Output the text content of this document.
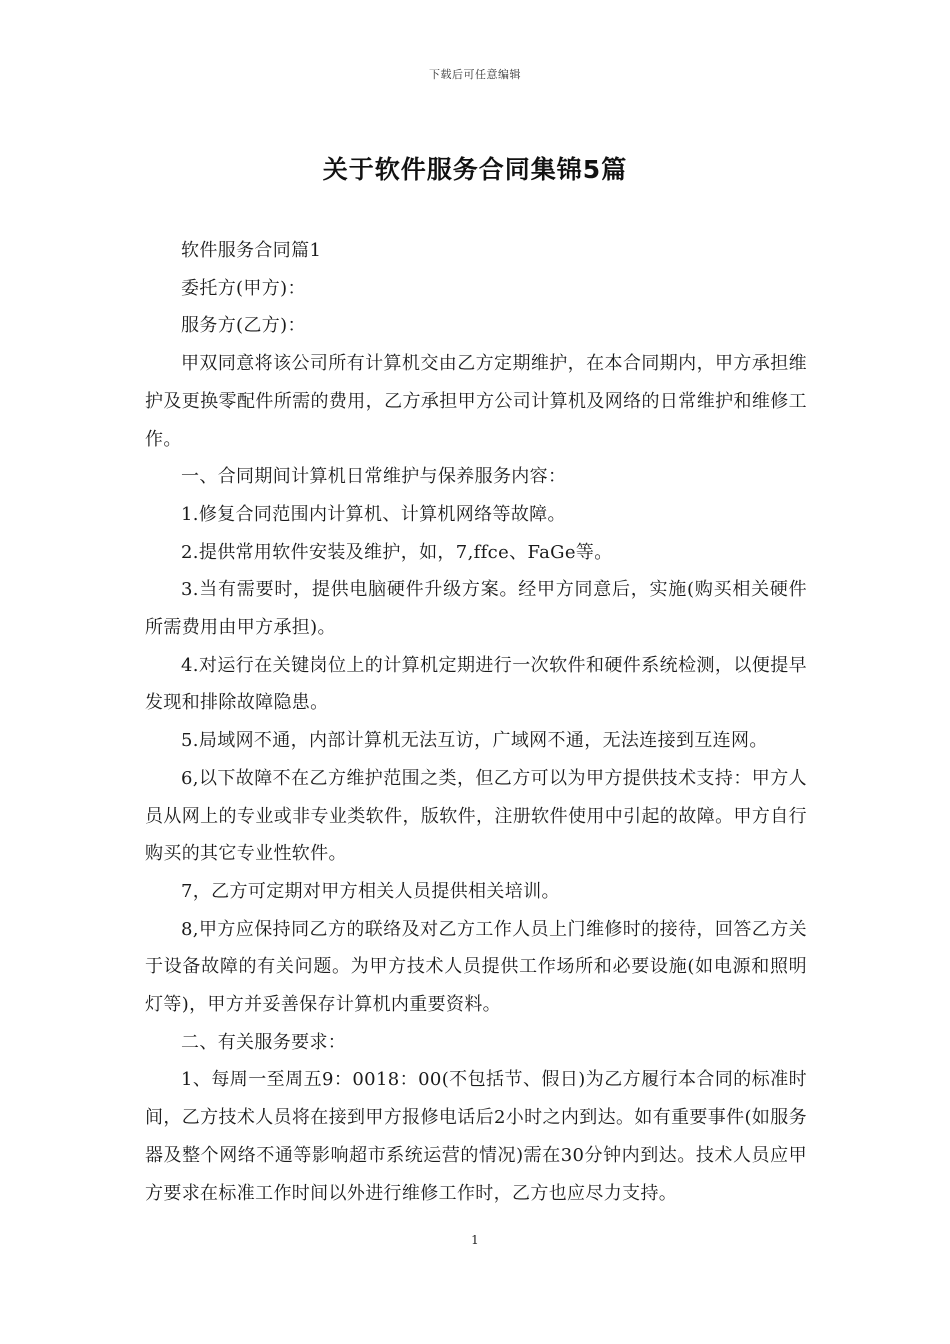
下载后可任意编辑
关于软件服务合同集锦5篇

软件服务合同篇1

委托方(甲方)：

服务方(乙方)：

甲双同意将该公司所有计算机交由乙方定期维护，在本合同期内，甲方承担维护及更换零配件所需的费用，乙方承担甲方公司计算机及网络的日常维护和维修工作。

一、合同期间计算机日常维护与保养服务内容：

1.修复合同范围内计算机、计算机网络等故障。

2.提供常用软件安装及维护，如，7,ffce、FaGe等。

3.当有需要时，提供电脑硬件升级方案。经甲方同意后，实施(购买相关硬件所需费用由甲方承担)。

4.对运行在关键岗位上的计算机定期进行一次软件和硬件系统检测，以便提早发现和排除故障隐患。

5.局域网不通，内部计算机无法互访，广域网不通，无法连接到互连网。

6,以下故障不在乙方维护范围之类，但乙方可以为甲方提供技术支持：甲方人员从网上的专业或非专业类软件，版软件，注册软件使用中引起的故障。甲方自行购买的其它专业性软件。

7，乙方可定期对甲方相关人员提供相关培训。

8,甲方应保持同乙方的联络及对乙方工作人员上门维修时的接待，回答乙方关于设备故障的有关问题。为甲方技术人员提供工作场所和必要设施(如电源和照明灯等)，甲方并妥善保存计算机内重要资料。

二、有关服务要求：

1、每周一至周五9：0018：00(不包括节、假日)为乙方履行本合同的标准时间，乙方技术人员将在接到甲方报修电话后2小时之内到达。如有重要事件(如服务器及整个网络不通等影响超市系统运营的情况)需在30分钟内到达。技术人员应甲方要求在标准工作时间以外进行维修工作时，乙方也应尽力支持。

1
